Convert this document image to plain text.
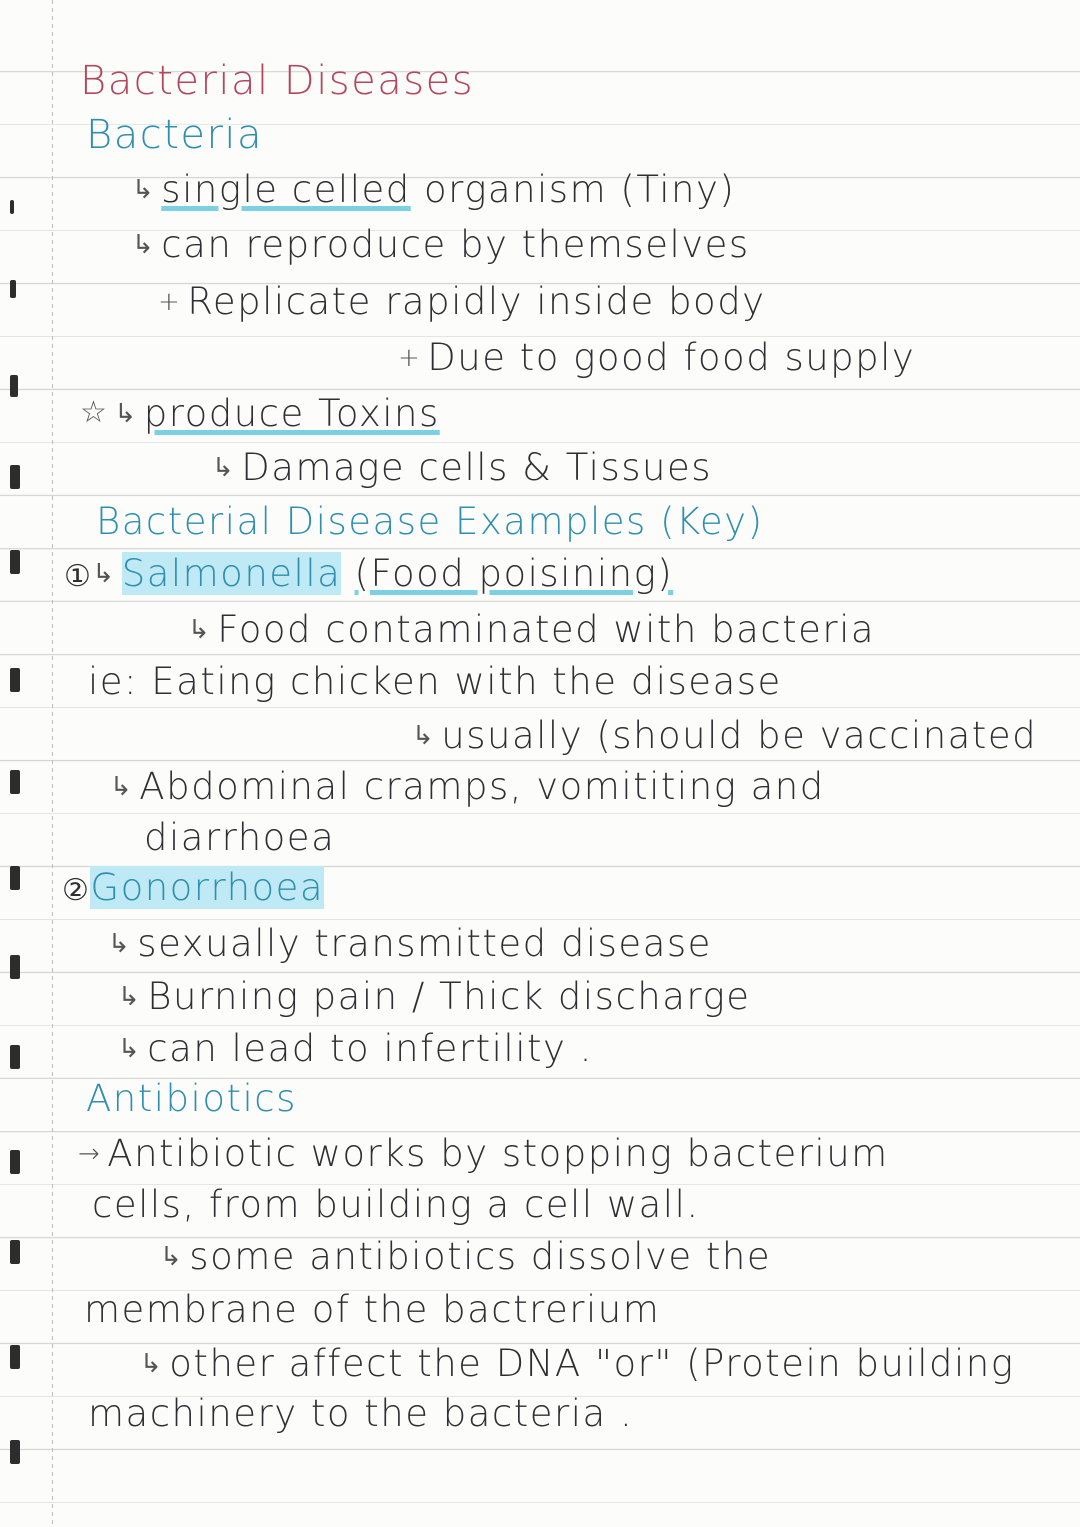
Bacterial Diseases
Bacteria
↳ single celled organism (Tiny)
↳ can reproduce by themselves
+ Replicate rapidly inside body
+ Due to good food supply
☆ ↳ produce Toxins
↳ Damage cells & Tissues
Bacterial Disease Examples (Key)
①↳ Salmonella (Food poisining)
↳ Food contaminated with bacteria
ie: Eating chicken with the disease
↳ usually (should be vaccinated
↳ Abdominal cramps, vomititing and
diarrhoea
②Gonorrhoea
↳ sexually transmitted disease
↳ Burning pain / Thick discharge
↳ can lead to infertility .
Antibiotics
→ Antibiotic works by stopping bacterium
cells, from building a cell wall.
↳ some antibiotics dissolve the
membrane of the bactrerium
↳ other affect the DNA "or" (Protein building
machinery to the bacteria .
